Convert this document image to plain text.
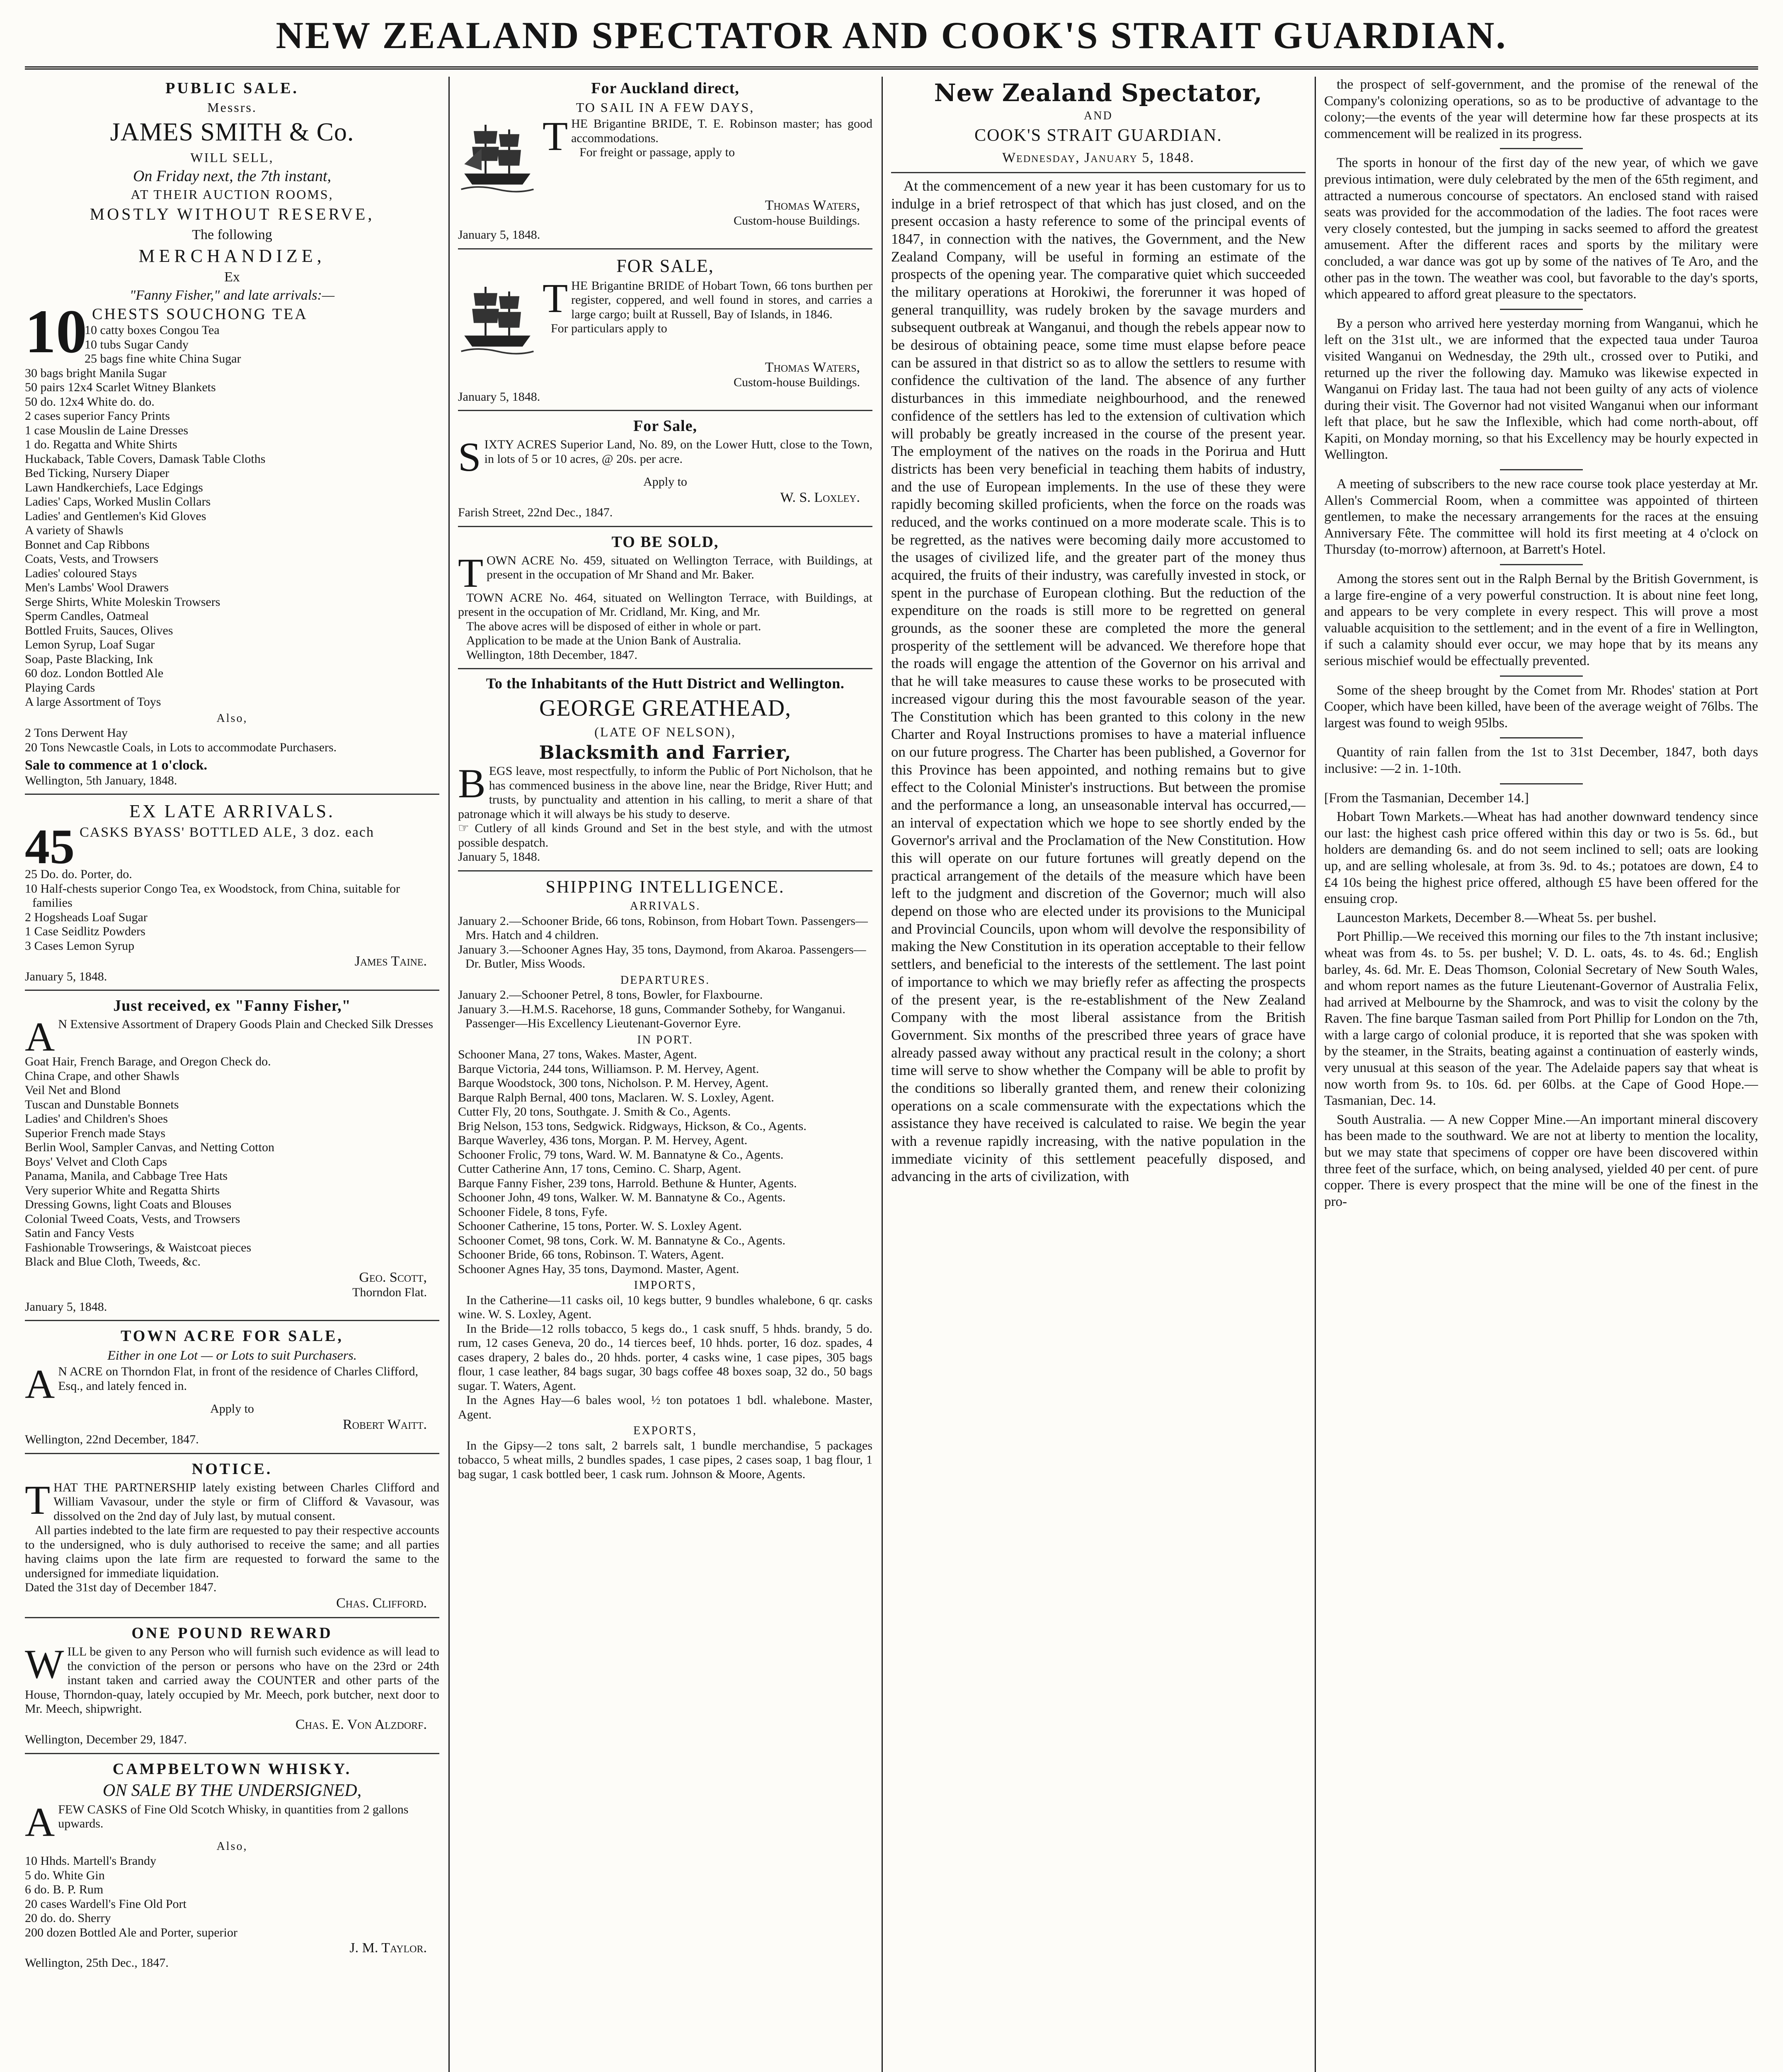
NEW ZEALAND SPECTATOR AND COOK'S STRAIT GUARDIAN.
PUBLIC SALE.
Messrs.
JAMES SMITH & Co.
WILL SELL,
On Friday next, the 7th instant,
AT THEIR AUCTION ROOMS,
MOSTLY WITHOUT RESERVE,
The following
MERCHANDIZE,
Ex
"Fanny Fisher," and late arrivals:—
10 CHESTS SOUCHONG TEA
10 catty boxes Congou Tea
10 tubs Sugar Candy
25 bags fine white China Sugar
30 bags bright Manila Sugar
50 pairs 12x4 Scarlet Witney Blankets
50 do. 12x4 White do. do.
2 cases superior Fancy Prints
1 case Mouslin de Laine Dresses
1 do. Regatta and White Shirts
Huckaback, Table Covers, Damask Table Cloths
Bed Ticking, Nursery Diaper
Lawn Handkerchiefs, Lace Edgings
Ladies' Caps, Worked Muslin Collars
Ladies' and Gentlemen's Kid Gloves
A variety of Shawls
Bonnet and Cap Ribbons
Coats, Vests, and Trowsers
Ladies' coloured Stays
Men's Lambs' Wool Drawers
Serge Shirts, White Moleskin Trowsers
Sperm Candles, Oatmeal
Bottled Fruits, Sauces, Olives
Lemon Syrup, Loaf Sugar
Soap, Paste Blacking, Ink
60 doz. London Bottled Ale
Playing Cards
A large Assortment of Toys
Also,
2 Tons Derwent Hay
20 Tons Newcastle Coals, in Lots to accommodate Purchasers.
Sale to commence at 1 o'clock.
Wellington, 5th January, 1848.
EX LATE ARRIVALS.
45 CASKS BYASS' BOTTLED ALE, 3 doz. each
25 Do. do. Porter, do.
10 Half-chests superior Congo Tea, ex Woodstock, from China, suitable for families
2 Hogsheads Loaf Sugar
1 Case Seidlitz Powders
3 Cases Lemon Syrup
James Taine.
January 5, 1848.
Just received, ex "Fanny Fisher,"
A N Extensive Assortment of Drapery Goods Plain and Checked Silk Dresses
Goat Hair, French Barage, and Oregon Check do.
China Crape, and other Shawls
Veil Net and Blond
Tuscan and Dunstable Bonnets
Ladies' and Children's Shoes
Superior French made Stays
Berlin Wool, Sampler Canvas, and Netting Cotton
Boys' Velvet and Cloth Caps
Panama, Manila, and Cabbage Tree Hats
Very superior White and Regatta Shirts
Dressing Gowns, light Coats and Blouses
Colonial Tweed Coats, Vests, and Trowsers
Satin and Fancy Vests
Fashionable Trowserings, & Waistcoat pieces
Black and Blue Cloth, Tweeds, &c.
Geo. Scott,
Thorndon Flat.
January 5, 1848.
TOWN ACRE FOR SALE,
Either in one Lot — or Lots to suit Purchasers.
A N ACRE on Thorndon Flat, in front of the residence of Charles Clifford, Esq., and lately fenced in.
Apply to
Robert Waitt.
Wellington, 22nd December, 1847.
NOTICE.
T HAT THE PARTNERSHIP lately existing between Charles Clifford and William Vavasour, under the style or firm of Clifford & Vavasour, was dissolved on the 2nd day of July last, by mutual consent.
All parties indebted to the late firm are requested to pay their respective accounts to the undersigned, who is duly authorised to receive the same; and all parties having claims upon the late firm are requested to forward the same to the undersigned for immediate liquidation.
Dated the 31st day of December 1847.
Chas. Clifford.
ONE POUND REWARD
W ILL be given to any Person who will furnish such evidence as will lead to the conviction of the person or persons who have on the 23rd or 24th instant taken and carried away the COUNTER and other parts of the House, Thorndon-quay, lately occupied by Mr. Meech, pork butcher, next door to Mr. Meech, shipwright.
Chas. E. Von Alzdorf.
Wellington, December 29, 1847.
CAMPBELTOWN WHISKY.
ON SALE BY THE UNDERSIGNED,
A FEW CASKS of Fine Old Scotch Whisky, in quantities from 2 gallons upwards.
Also,
10 Hhds. Martell's Brandy
5 do. White Gin
6 do. B. P. Rum
20 cases Wardell's Fine Old Port
20 do. do. Sherry
200 dozen Bottled Ale and Porter, superior
J. M. Taylor.
Wellington, 25th Dec., 1847.
For Auckland direct,
TO SAIL IN A FEW DAYS,
T HE Brigantine BRIDE, T. E. Robinson master; has good accommodations.
For freight or passage, apply to
Thomas Waters,
Custom-house Buildings.
January 5, 1848.
FOR SALE,
T HE Brigantine BRIDE of Hobart Town, 66 tons burthen per register, coppered, and well found in stores, and carries a large cargo; built at Russell, Bay of Islands, in 1846.
For particulars apply to
Thomas Waters,
Custom-house Buildings.
January 5, 1848.
For Sale,
S IXTY ACRES Superior Land, No. 89, on the Lower Hutt, close to the Town, in lots of 5 or 10 acres, @ 20s. per acre.
Apply to
W. S. Loxley.
Farish Street, 22nd Dec., 1847.
TO BE SOLD,
T OWN ACRE No. 459, situated on Wellington Terrace, with Buildings, at present in the occupation of Mr Shand and Mr. Baker.
TOWN ACRE No. 464, situated on Wellington Terrace, with Buildings, at present in the occupation of Mr. Cridland, Mr. King, and Mr.
The above acres will be disposed of either in whole or part.
Application to be made at the Union Bank of Australia.
Wellington, 18th December, 1847.
To the Inhabitants of the Hutt District and Wellington.
GEORGE GREATHEAD,
(LATE OF NELSON),
Blacksmith and Farrier,
B EGS leave, most respectfully, to inform the Public of Port Nicholson, that he has commenced business in the above line, near the Bridge, River Hutt; and trusts, by punctuality and attention in his calling, to merit a share of that patronage which it will always be his study to deserve.
☞ Cutlery of all kinds Ground and Set in the best style, and with the utmost possible despatch.
January 5, 1848.
SHIPPING INTELLIGENCE.
ARRIVALS.
January 2.—Schooner Bride, 66 tons, Robinson, from Hobart Town. Passengers—Mrs. Hatch and 4 children.
January 3.—Schooner Agnes Hay, 35 tons, Daymond, from Akaroa. Passengers—Dr. Butler, Miss Woods.
DEPARTURES.
January 2.—Schooner Petrel, 8 tons, Bowler, for Flaxbourne.
January 3.—H.M.S. Racehorse, 18 guns, Commander Sotheby, for Wanganui. Passenger—His Excellency Lieutenant-Governor Eyre.
IN PORT.
Schooner Mana, 27 tons, Wakes. Master, Agent.
Barque Victoria, 244 tons, Williamson. P. M. Hervey, Agent.
Barque Woodstock, 300 tons, Nicholson. P. M. Hervey, Agent.
Barque Ralph Bernal, 400 tons, Maclaren. W. S. Loxley, Agent.
Cutter Fly, 20 tons, Southgate. J. Smith & Co., Agents.
Brig Nelson, 153 tons, Sedgwick. Ridgways, Hickson, & Co., Agents.
Barque Waverley, 436 tons, Morgan. P. M. Hervey, Agent.
Schooner Frolic, 79 tons, Ward. W. M. Bannatyne & Co., Agents.
Cutter Catherine Ann, 17 tons, Cemino. C. Sharp, Agent.
Barque Fanny Fisher, 239 tons, Harrold. Bethune & Hunter, Agents.
Schooner John, 49 tons, Walker. W. M. Bannatyne & Co., Agents.
Schooner Fidele, 8 tons, Fyfe.
Schooner Catherine, 15 tons, Porter. W. S. Loxley Agent.
Schooner Comet, 98 tons, Cork. W. M. Bannatyne & Co., Agents.
Schooner Bride, 66 tons, Robinson. T. Waters, Agent.
Schooner Agnes Hay, 35 tons, Daymond. Master, Agent.
IMPORTS,
In the Catherine—11 casks oil, 10 kegs butter, 9 bundles whalebone, 6 qr. casks wine. W. S. Loxley, Agent.
In the Bride—12 rolls tobacco, 5 kegs do., 1 cask snuff, 5 hhds. brandy, 5 do. rum, 12 cases Geneva, 20 do., 14 tierces beef, 10 hhds. porter, 16 doz. spades, 4 cases drapery, 2 bales do., 20 hhds. porter, 4 casks wine, 1 case pipes, 305 bags flour, 1 case leather, 84 bags sugar, 30 bags coffee 48 boxes soap, 32 do., 50 bags sugar. T. Waters, Agent.
In the Agnes Hay—6 bales wool, ½ ton potatoes 1 bdl. whalebone. Master, Agent.
EXPORTS,
In the Gipsy—2 tons salt, 2 barrels salt, 1 bundle merchandise, 5 packages tobacco, 5 wheat mills, 2 bundles spades, 1 case pipes, 2 cases soap, 1 bag flour, 1 bag sugar, 1 cask bottled beer, 1 cask rum. Johnson & Moore, Agents.
New Zealand Spectator,
AND
COOK'S STRAIT GUARDIAN.
Wednesday, January 5, 1848.

At the commencement of a new year it has been customary for us to indulge in a brief retrospect of that which has just closed, and on the present occasion a hasty reference to some of the principal events of 1847, in connection with the natives, the Government, and the New Zealand Company, will be useful in forming an estimate of the prospects of the opening year. The comparative quiet which succeeded the military operations at Horokiwi, the forerunner it was hoped of general tranquillity, was rudely broken by the savage murders and subsequent outbreak at Wanganui, and though the rebels appear now to be desirous of obtaining peace, some time must elapse before peace can be assured in that district so as to allow the settlers to resume with confidence the cultivation of the land. The absence of any further disturbances in this immediate neighbourhood, and the renewed confidence of the settlers has led to the extension of cultivation which will probably be greatly increased in the course of the present year. The employment of the natives on the roads in the Porirua and Hutt districts has been very beneficial in teaching them habits of industry, and the use of European implements. In the use of these they were rapidly becoming skilled proficients, when the force on the roads was reduced, and the works continued on a more moderate scale. This is to be regretted, as the natives were becoming daily more accustomed to the usages of civilized life, and the greater part of the money thus acquired, the fruits of their industry, was carefully invested in stock, or spent in the purchase of European clothing. But the reduction of the expenditure on the roads is still more to be regretted on general grounds, as the sooner these are completed the more the general prosperity of the settlement will be advanced. We therefore hope that the roads will engage the attention of the Governor on his arrival and that he will take measures to cause these works to be prosecuted with increased vigour during this the most favourable season of the year. The Constitution which has been granted to this colony in the new Charter and Royal Instructions promises to have a material influence on our future progress. The Charter has been published, a Governor for this Province has been appointed, and nothing remains but to give effect to the Colonial Minister's instructions. But between the promise and the performance a long, an unseasonable interval has occurred,—an interval of expectation which we hope to see shortly ended by the Governor's arrival and the Proclamation of the New Constitution. How this will operate on our future fortunes will greatly depend on the practical arrangement of the details of the measure which have been left to the judgment and discretion of the Governor; much will also depend on those who are elected under its provisions to the Municipal and Provincial Councils, upon whom will devolve the responsibility of making the New Constitution in its operation acceptable to their fellow settlers, and beneficial to the interests of the settlement. The last point of importance to which we may briefly refer as affecting the prospects of the present year, is the re-establishment of the New Zealand Company with the most liberal assistance from the British Government. Six months of the prescribed three years of grace have already passed away without any practical result in the colony; a short time will serve to show whether the Company will be able to profit by the conditions so liberally granted them, and renew their colonizing operations on a scale commensurate with the expectations which the assistance they have received is calculated to raise. We begin the year with a revenue rapidly increasing, with the native population in the immediate vicinity of this settlement peacefully disposed, and advancing in the arts of civilization, with

the prospect of self-government, and the promise of the renewal of the Company's colonizing operations, so as to be productive of advantage to the colony;—the events of the year will determine how far these prospects at its commencement will be realized in its progress.

The sports in honour of the first day of the new year, of which we gave previous intimation, were duly celebrated by the men of the 65th regiment, and attracted a numerous concourse of spectators. An enclosed stand with raised seats was provided for the accommodation of the ladies. The foot races were very closely contested, but the jumping in sacks seemed to afford the greatest amusement. After the different races and sports by the military were concluded, a war dance was got up by some of the natives of Te Aro, and the other pas in the town. The weather was cool, but favorable to the day's sports, which appeared to afford great pleasure to the spectators.

By a person who arrived here yesterday morning from Wanganui, which he left on the 31st ult., we are informed that the expected taua under Tauroa visited Wanganui on Wednesday, the 29th ult., crossed over to Putiki, and returned up the river the following day. Mamuko was likewise expected in Wanganui on Friday last. The taua had not been guilty of any acts of violence during their visit. The Governor had not visited Wanganui when our informant left that place, but he saw the Inflexible, which had come north-about, off Kapiti, on Monday morning, so that his Excellency may be hourly expected in Wellington.

A meeting of subscribers to the new race course took place yesterday at Mr. Allen's Commercial Room, when a committee was appointed of thirteen gentlemen, to make the necessary arrangements for the races at the ensuing Anniversary Fête. The committee will hold its first meeting at 4 o'clock on Thursday (to-morrow) afternoon, at Barrett's Hotel.

Among the stores sent out in the Ralph Bernal by the British Government, is a large fire-engine of a very powerful construction. It is about nine feet long, and appears to be very complete in every respect. This will prove a most valuable acquisition to the settlement; and in the event of a fire in Wellington, if such a calamity should ever occur, we may hope that by its means any serious mischief would be effectually prevented.

Some of the sheep brought by the Comet from Mr. Rhodes' station at Port Cooper, which have been killed, have been of the average weight of 76lbs. The largest was found to weigh 95lbs.

Quantity of rain fallen from the 1st to 31st December, 1847, both days inclusive: —2 in. 1-10th.

[From the Tasmanian, December 14.]

Hobart Town Markets.—Wheat has had another downward tendency since our last: the highest cash price offered within this day or two is 5s. 6d., but holders are demanding 6s. and do not seem inclined to sell; oats are looking up, and are selling wholesale, at from 3s. 9d. to 4s.; potatoes are down, £4 to £4 10s being the highest price offered, although £5 have been offered for the ensuing crop.

Launceston Markets, December 8.—Wheat 5s. per bushel.

Port Phillip.—We received this morning our files to the 7th instant inclusive; wheat was from 4s. to 5s. per bushel; V. D. L. oats, 4s. to 4s. 6d.; English barley, 4s. 6d. Mr. E. Deas Thomson, Colonial Secretary of New South Wales, and whom report names as the future Lieutenant-Governor of Australia Felix, had arrived at Melbourne by the Shamrock, and was to visit the colony by the Raven. The fine barque Tasman sailed from Port Phillip for London on the 7th, with a large cargo of colonial produce, it is reported that she was spoken with by the steamer, in the Straits, beating against a continuation of easterly winds, very unusual at this season of the year. The Adelaide papers say that wheat is now worth from 9s. to 10s. 6d. per 60lbs. at the Cape of Good Hope.—Tasmanian, Dec. 14.

South Australia. — A new Copper Mine.—An important mineral discovery has been made to the southward. We are not at liberty to mention the locality, but we may state that specimens of copper ore have been discovered within three feet of the surface, which, on being analysed, yielded 40 per cent. of pure copper. There is every prospect that the mine will be one of the finest in the pro-
